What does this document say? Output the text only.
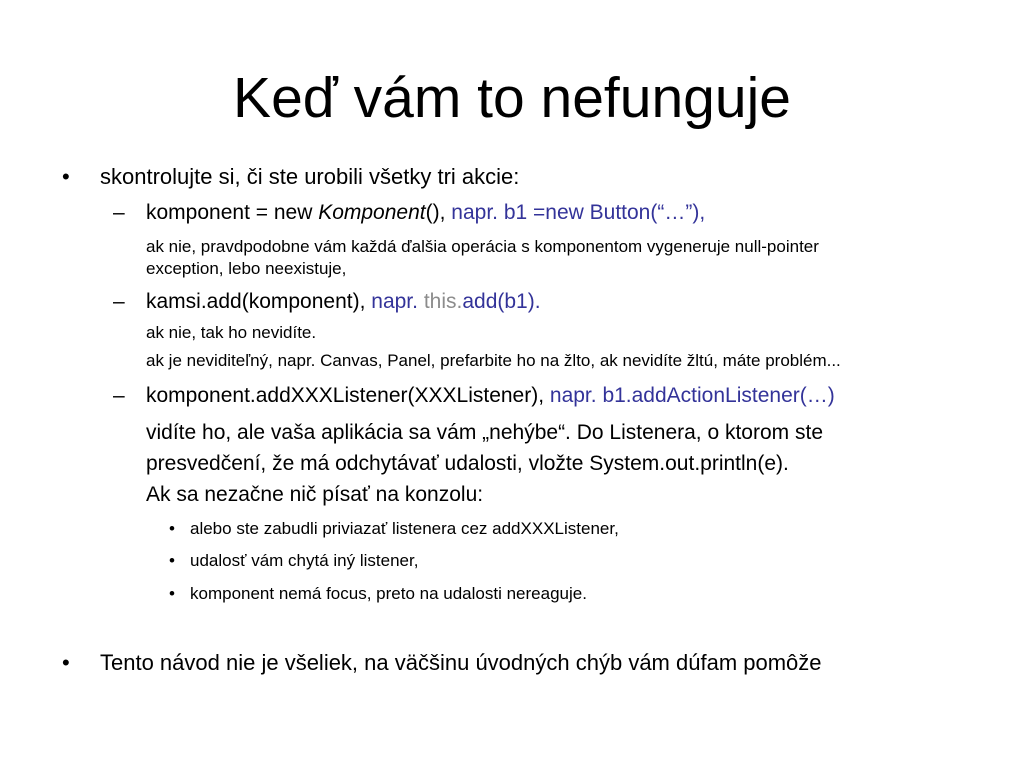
Keď vám to nefunguje
• skontrolujte si, či ste urobili všetky tri akcie:
– komponent = new Komponent(), napr. b1 =new Button(“…”),
ak nie, pravdpodobne vám každá ďalšia operácia s komponentom vygeneruje null-pointer
exception, lebo neexistuje,
– kamsi.add(komponent), napr. this.add(b1).
ak nie, tak ho nevidíte.
ak je neviditeľný, napr. Canvas, Panel, prefarbite ho na žlto, ak nevidíte žltú, máte problém...
– komponent.addXXXListener(XXXListener), napr. b1.addActionListener(…)
vidíte ho, ale vaša aplikácia sa vám „nehýbe“. Do Listenera, o ktorom ste
presvedčení, že má odchytávať udalosti, vložte System.out.println(e).
Ak sa nezačne nič písať na konzolu:
• alebo ste zabudli priviazať listenera cez addXXXListener,
• udalosť vám chytá iný listener,
• komponent nemá focus, preto na udalosti nereaguje.
• Tento návod nie je všeliek, na väčšinu úvodných chýb vám dúfam pomôže
